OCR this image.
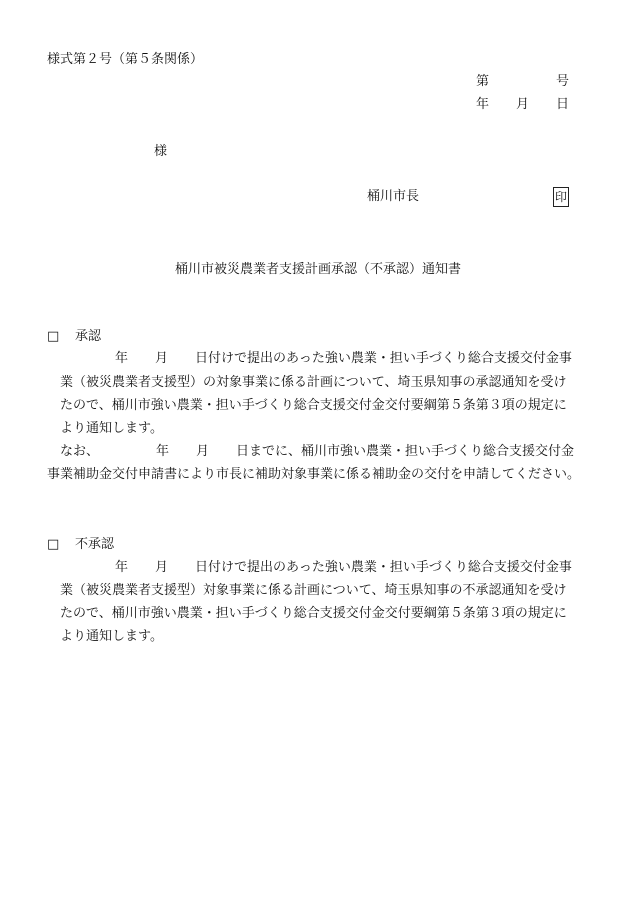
様式第２号（第５条関係）
第	号
年 月 日
様
桶川市長	印
桶川市被災農業者支援計画承認（不承認）通知書
□ 承認
年 月 日付けで提出のあった強い農業・担い手づくり総合支援交付金事
業（被災農業者支援型）の対象事業に係る計画について、埼玉県知事の承認通知を受け
たので、桶川市強い農業・担い手づくり総合支援交付金交付要綱第５条第３項の規定に
より通知します。
なお、	年 月 日までに、桶川市強い農業・担い手づくり総合支援交付金
事業補助金交付申請書により市長に補助対象事業に係る補助金の交付を申請してください。
□ 不承認
年 月 日付けで提出のあった強い農業・担い手づくり総合支援交付金事
業（被災農業者支援型）対象事業に係る計画について、埼玉県知事の不承認通知を受け
たので、桶川市強い農業・担い手づくり総合支援交付金交付要綱第５条第３項の規定に
より通知します。
